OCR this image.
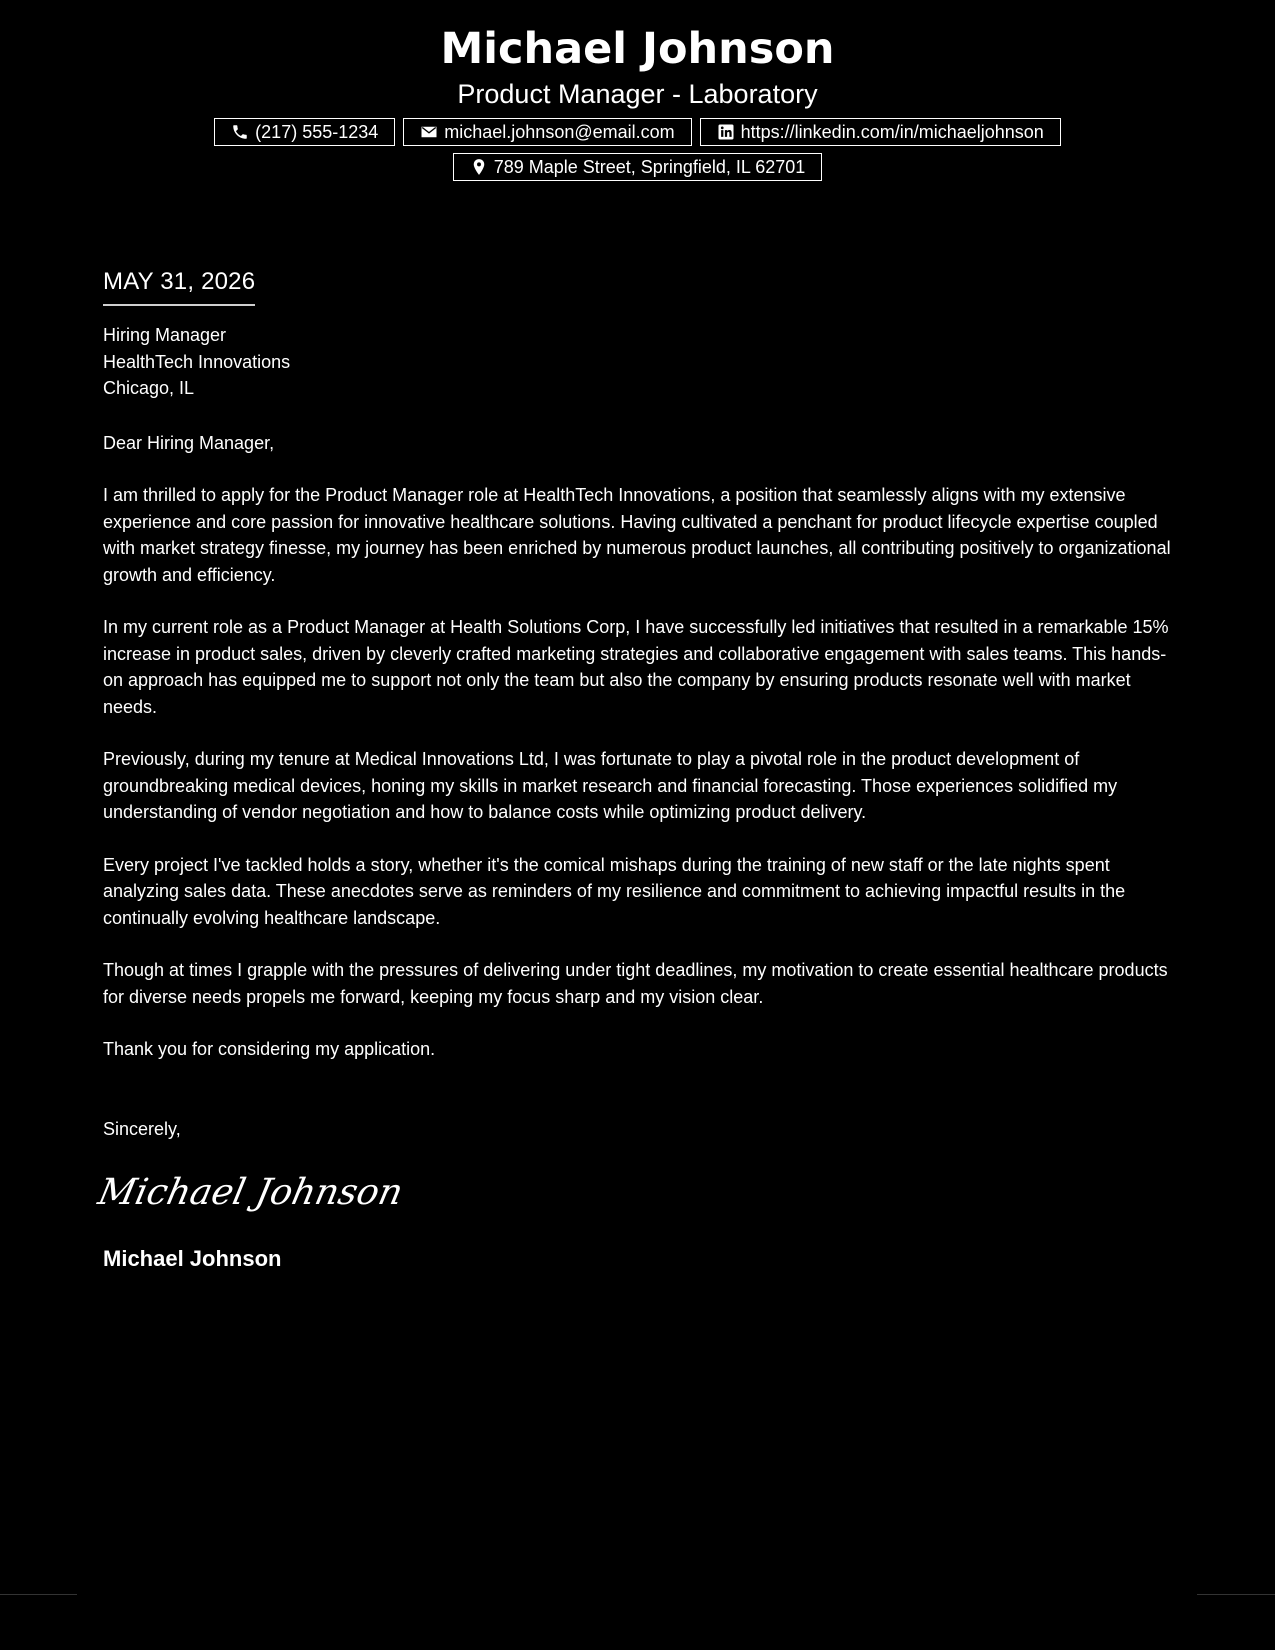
Michael Johnson
Product Manager - Laboratory
(217) 555-1234	michael.johnson@email.com	https://linkedin.com/in/michaeljohnson
789 Maple Street, Springfield, IL 62701
MAY 31, 2026
Hiring Manager
HealthTech Innovations
Chicago, IL
Dear Hiring Manager,
I am thrilled to apply for the Product Manager role at HealthTech Innovations, a position that seamlessly aligns with my extensive experience and core passion for innovative healthcare solutions. Having cultivated a penchant for product lifecycle expertise coupled with market strategy finesse, my journey has been enriched by numerous product launches, all contributing positively to organizational growth and efficiency.
In my current role as a Product Manager at Health Solutions Corp, I have successfully led initiatives that resulted in a remarkable 15% increase in product sales, driven by cleverly crafted marketing strategies and collaborative engagement with sales teams. This hands-on approach has equipped me to support not only the team but also the company by ensuring products resonate well with market needs.
Previously, during my tenure at Medical Innovations Ltd, I was fortunate to play a pivotal role in the product development of groundbreaking medical devices, honing my skills in market research and financial forecasting. Those experiences solidified my understanding of vendor negotiation and how to balance costs while optimizing product delivery.
Every project I've tackled holds a story, whether it's the comical mishaps during the training of new staff or the late nights spent analyzing sales data. These anecdotes serve as reminders of my resilience and commitment to achieving impactful results in the continually evolving healthcare landscape.
Though at times I grapple with the pressures of delivering under tight deadlines, my motivation to create essential healthcare products for diverse needs propels me forward, keeping my focus sharp and my vision clear.
Thank you for considering my application.
Sincerely,
Michael Johnson
Michael Johnson
